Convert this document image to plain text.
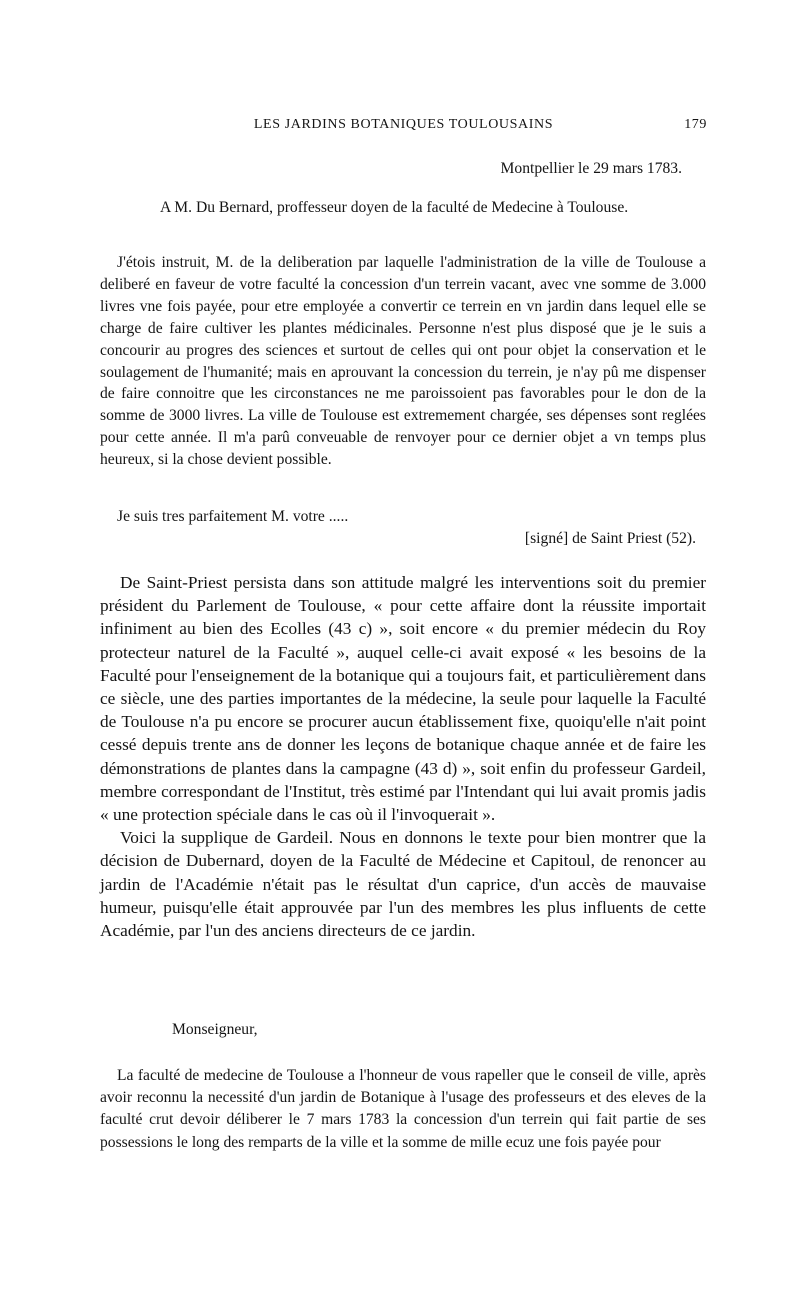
LES JARDINS BOTANIQUES TOULOUSAINS	179
Montpellier le 29 mars 1783.
A M. Du Bernard, proffesseur doyen de la faculté de Medecine à Toulouse.

J'étois instruit, M. de la deliberation par laquelle l'administration de la ville de Toulouse a deliberé en faveur de votre faculté la concession d'un terrein vacant, avec vne somme de 3.000 livres vne fois payée, pour etre employée a convertir ce terrein en vn jardin dans lequel elle se charge de faire cultiver les plantes médicinales. Personne n'est plus disposé que je le suis a concourir au progres des sciences et surtout de celles qui ont pour objet la conservation et le soulagement de l'humanité; mais en aprouvant la concession du terrein, je n'ay pû me dispenser de faire connoitre que les circonstances ne me paroissoient pas favorables pour le don de la somme de 3000 livres. La ville de Toulouse est extremement chargée, ses dépenses sont reglées pour cette année. Il m'a parû conveuable de renvoyer pour ce dernier objet a vn temps plus heureux, si la chose devient possible.

Je suis tres parfaitement M. votre .....
[signé] de Saint Priest (52).

De Saint-Priest persista dans son attitude malgré les interventions soit du premier président du Parlement de Toulouse, « pour cette affaire dont la réussite importait infiniment au bien des Ecolles (43 c) », soit encore « du premier médecin du Roy protecteur naturel de la Faculté », auquel celle-ci avait exposé « les besoins de la Faculté pour l'enseignement de la botanique qui a toujours fait, et particulièrement dans ce siècle, une des parties importantes de la médecine, la seule pour laquelle la Faculté de Toulouse n'a pu encore se procurer aucun établissement fixe, quoiqu'elle n'ait point cessé depuis trente ans de donner les leçons de botanique chaque année et de faire les démonstrations de plantes dans la campagne (43 d) », soit enfin du professeur Gardeil, membre correspondant de l'Institut, très estimé par l'Intendant qui lui avait promis jadis « une protection spéciale dans le cas où il l'invoquerait ».

Voici la supplique de Gardeil. Nous en donnons le texte pour bien montrer que la décision de Dubernard, doyen de la Faculté de Médecine et Capitoul, de renoncer au jardin de l'Académie n'était pas le résultat d'un caprice, d'un accès de mauvaise humeur, puisqu'elle était approuvée par l'un des membres les plus influents de cette Académie, par l'un des anciens directeurs de ce jardin.

Monseigneur,

La faculté de medecine de Toulouse a l'honneur de vous rapeller que le conseil de ville, après avoir reconnu la necessité d'un jardin de Botanique à l'usage des professeurs et des eleves de la faculté crut devoir déliberer le 7 mars 1783 la concession d'un terrein qui fait partie de ses possessions le long des remparts de la ville et la somme de mille ecuz une fois payée pour
